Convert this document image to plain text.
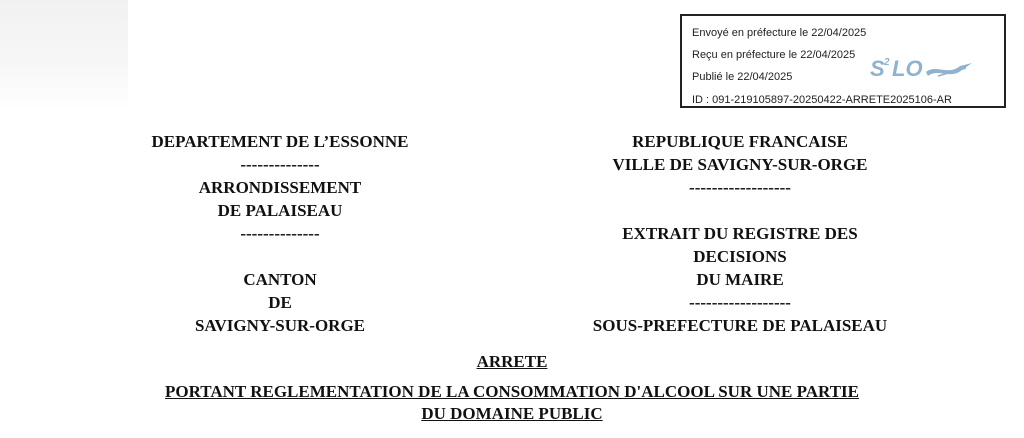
Envoyé en préfecture le 22/04/2025
Reçu en préfecture le 22/04/2025
Publié le 22/04/2025
ID : 091-219105897-20250422-ARRETE2025106-AR
S 2 LO
DEPARTEMENT DE L’ESSONNE
--------------
ARRONDISSEMENT
DE PALAISEAU
--------------
CANTON
DE
SAVIGNY-SUR-ORGE
REPUBLIQUE FRANCAISE
VILLE DE SAVIGNY-SUR-ORGE
------------------
EXTRAIT DU REGISTRE DES
DECISIONS
DU MAIRE
------------------
SOUS-PREFECTURE DE PALAISEAU
ARRETE
PORTANT REGLEMENTATION DE LA CONSOMMATION D'ALCOOL SUR UNE PARTIE
DU DOMAINE PUBLIC
